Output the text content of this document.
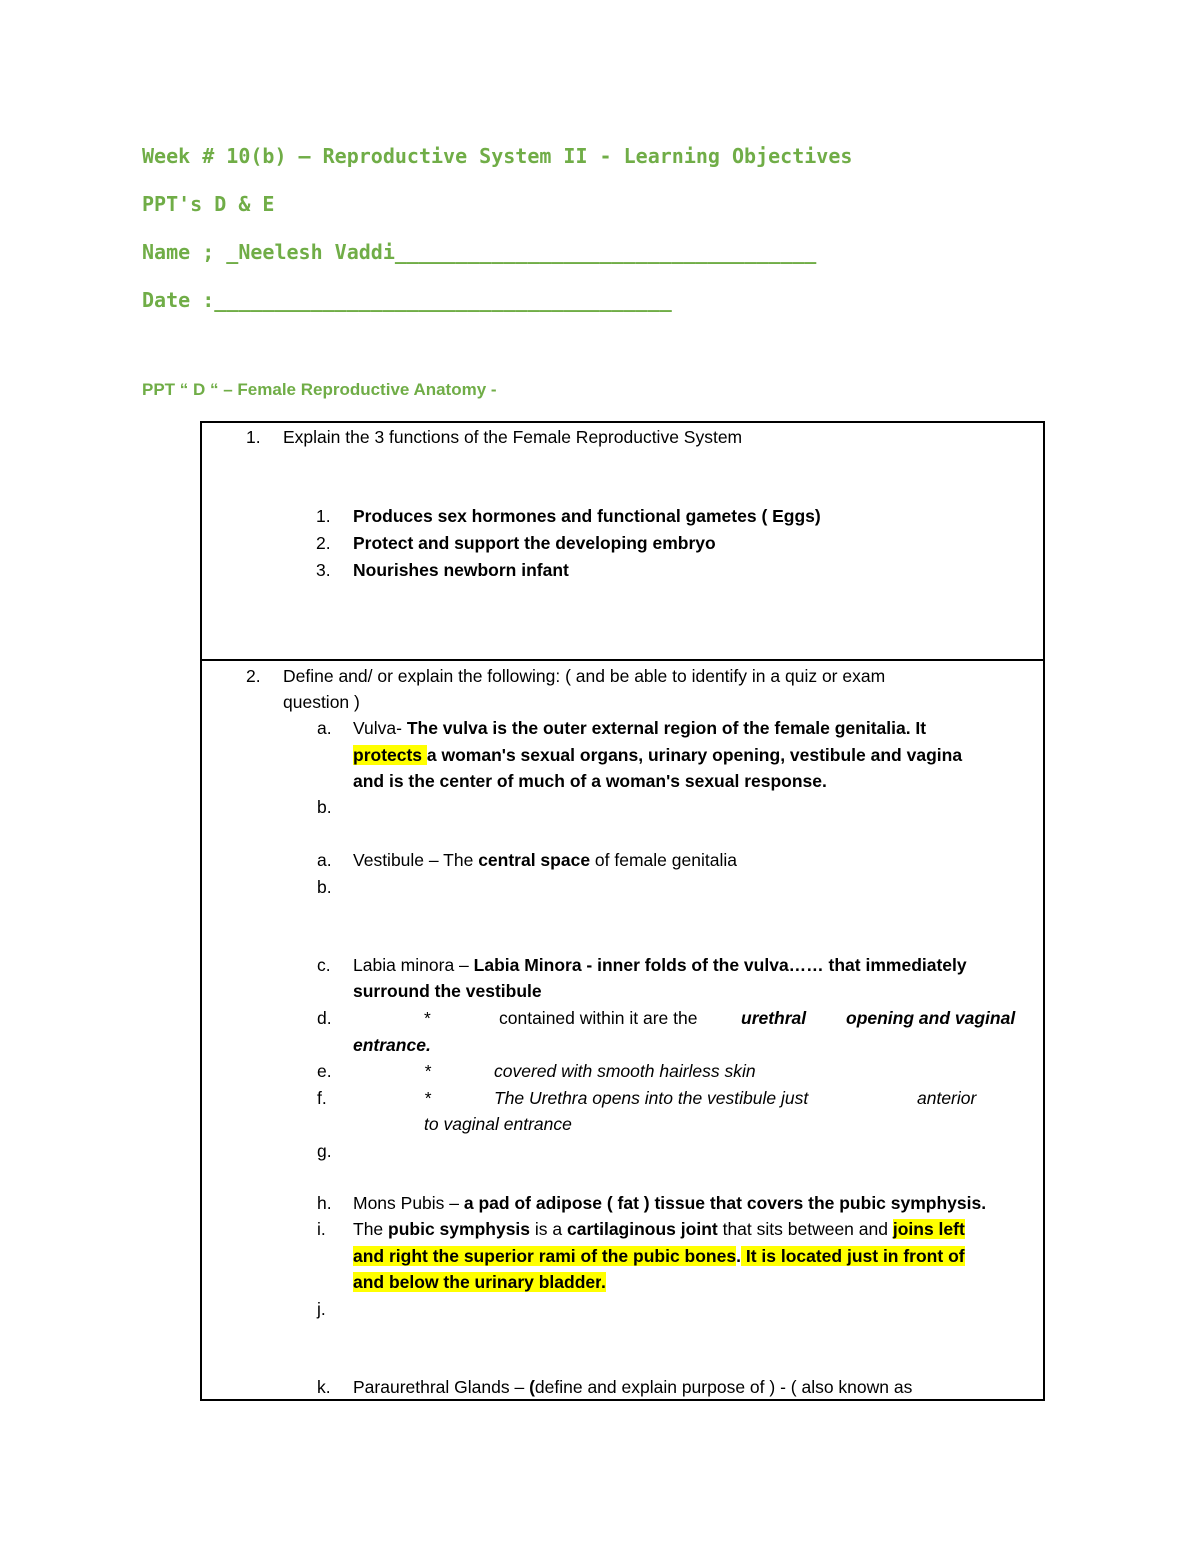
Week # 10(b) – Reproductive System II - Learning Objectives
PPT's D & E
Name ; _Neelesh Vaddi___________________________________
Date :______________________________________
PPT “ D “ – Female Reproductive Anatomy -
1. Explain the 3 functions of the Female Reproductive System
1. Produces sex hormones and functional gametes ( Eggs)
2. Protect and support the developing embryo
3. Nourishes newborn infant
2. Define and/ or explain the following: ( and be able to identify in a quiz or exam
question )
a. Vulva- The vulva is the outer external region of the female genitalia. It
protects a woman's sexual organs, urinary opening, vestibule and vagina
and is the center of much of a woman's sexual response.
b.
a. Vestibule – The central space of female genitalia
b.
c. Labia minora – Labia Minora - inner folds of the vulva…… that immediately
surround the vestibule
d.	*	contained within it are the urethral opening and vaginal
entrance.
e.	*	covered with smooth hairless skin
f.	*	The Urethra opens into the vestibule just	anterior
to vaginal entrance
g.
h. Mons Pubis – a pad of adipose ( fat ) tissue that covers the pubic symphysis.
i. The pubic symphysis is a cartilaginous joint that sits between and joins left
and right the superior rami of the pubic bones. It is located just in front of
and below the urinary bladder.
j.
k. Paraurethral Glands – (define and explain purpose of ) - ( also known as
